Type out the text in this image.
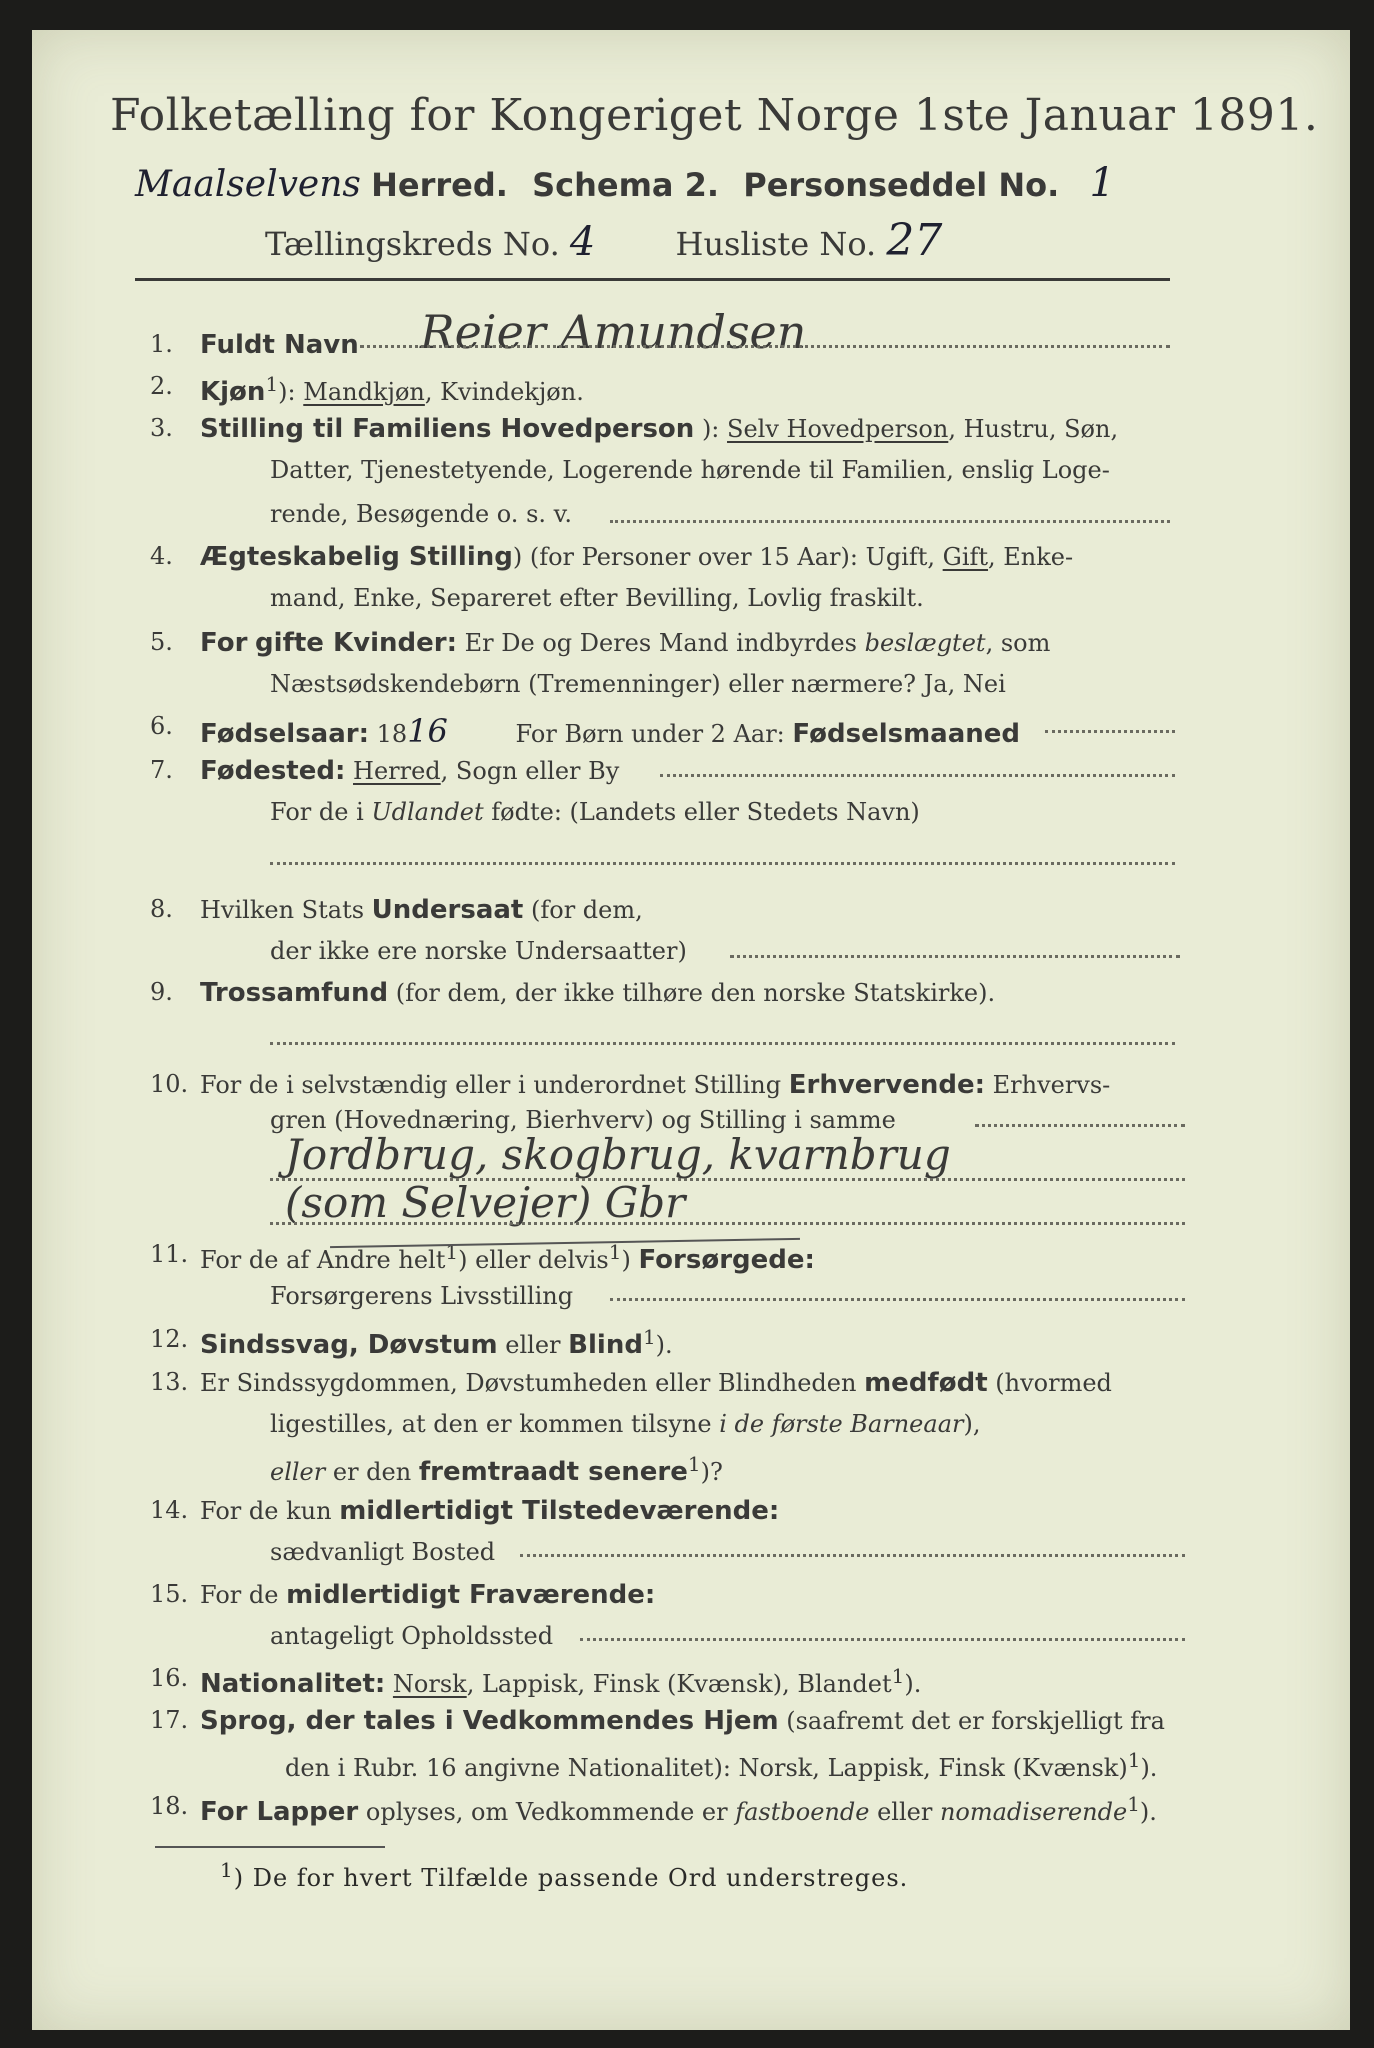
Folketælling for Kongeriget Norge 1ste Januar 1891.
Maalselvens Herred. Schema 2. Personseddel No. 1
Tællingskreds No. 4	Husliste No. 27
1.	Fuldt Navn Reier Amundsen
2.	Kjøn$^1$): Mandkjøn, Kvindekjøn.
3.	Stilling til Familiens Hovedperson ): Selv Hovedperson, Hustru, Søn,
Datter, Tjenestetyende, Logerende hørende til Familien, enslig Loge-
rende, Besøgende o. s. v.
4.	Ægteskabelig Stilling) (for Personer over 15 Aar): Ugift, Gift, Enke-
mand, Enke, Separeret efter Bevilling, Lovlig fraskilt.
5.	For gifte Kvinder: Er De og Deres Mand indbyrdes beslægtet, som
Næstsødskendebørn (Tremenninger) eller nærmere? Ja, Nei
6.	Fødselsaar: 1816	For Børn under 2 Aar: Fødselsmaaned
7.	Fødested: Herred, Sogn eller By
For de i Udlandet fødte: (Landets eller Stedets Navn)
8.	Hvilken Stats Undersaat (for dem,
der ikke ere norske Undersaatter)
9.	Trossamfund (for dem, der ikke tilhøre den norske Statskirke).
10. For de i selvstændig eller i underordnet Stilling Erhvervende: Erhvervs-
gren (Hovednæring, Bierhverv) og Stilling i samme
Jordbrug, skogbrug, kvarnbrug
(som Selvejer) Gbr
11. For de af Andre helt$^1$) eller delvis$^1$) Forsørgede:
Forsørgerens Livsstilling
12. Sindssvag, Døvstum eller Blind$^1$).
13. Er Sindssygdommen, Døvstumheden eller Blindheden medfødt (hvormed
ligestilles, at den er kommen tilsyne i de første Barneaar),
eller er den fremtraadt senere$^1$)?
14. For de kun midlertidigt Tilstedeværende:
sædvanligt Bosted
15. For de midlertidigt Fraværende:
antageligt Opholdssted
16. Nationalitet: Norsk, Lappisk, Finsk (Kvænsk), Blandet$^1$).
17. Sprog, der tales i Vedkommendes Hjem (saafremt det er forskjelligt fra
den i Rubr. 16 angivne Nationalitet): Norsk, Lappisk, Finsk (Kvænsk)$^1$).
18. For Lapper oplyses, om Vedkommende er fastboende eller nomadiserende$^1$).
$^1$) De for hvert Tilfælde passende Ord understreges.
